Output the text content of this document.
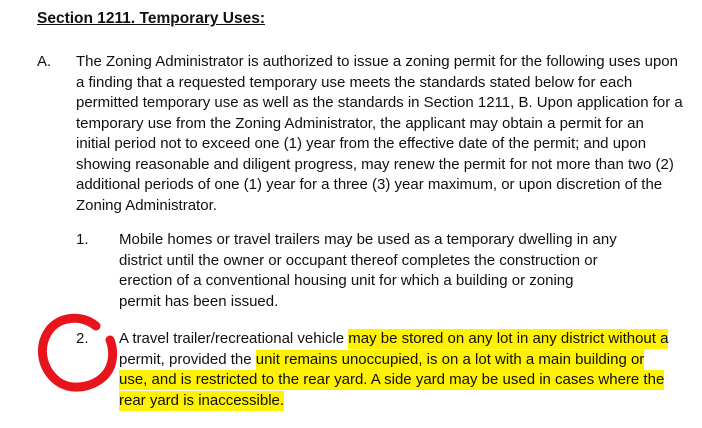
Section 1211. Temporary Uses:
A. The Zoning Administrator is authorized to issue a zoning permit for the following uses upon
a finding that a requested temporary use meets the standards stated below for each
permitted temporary use as well as the standards in Section 1211, B. Upon application for a
temporary use from the Zoning Administrator, the applicant may obtain a permit for an
initial period not to exceed one (1) year from the effective date of the permit; and upon
showing reasonable and diligent progress, may renew the permit for not more than two (2)
additional periods of one (1) year for a three (3) year maximum, or upon discretion of the
Zoning Administrator.
1. Mobile homes or travel trailers may be used as a temporary dwelling in any
district until the owner or occupant thereof completes the construction or
erection of a conventional housing unit for which a building or zoning
permit has been issued.
2. A travel trailer/recreational vehicle may be stored on any lot in any district without a
permit, provided the unit remains unoccupied, is on a lot with a main building or
use, and is restricted to the rear yard. A side yard may be used in cases where the
rear yard is inaccessible.
